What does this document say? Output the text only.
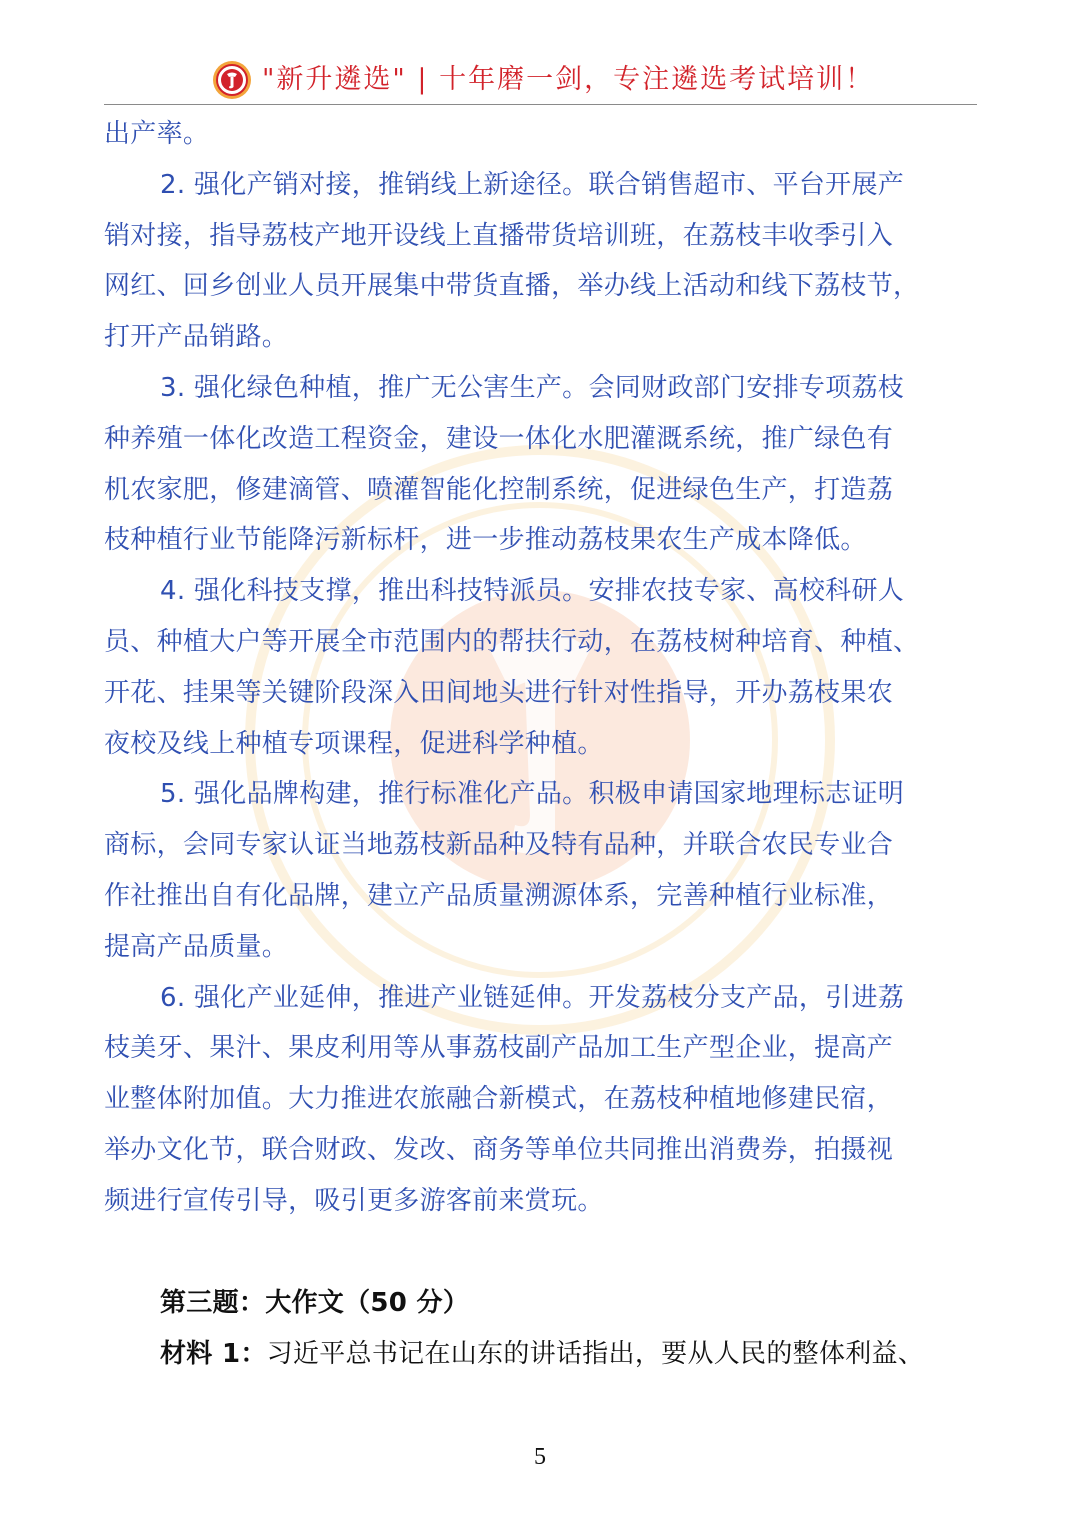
"新升遴选" | 十年磨一剑，专注遴选考试培训！
出产率。
2. 强化产销对接，推销线上新途径。联合销售超市、平台开展产
销对接，指导荔枝产地开设线上直播带货培训班，在荔枝丰收季引入
网红、回乡创业人员开展集中带货直播，举办线上活动和线下荔枝节，
打开产品销路。
3. 强化绿色种植，推广无公害生产。会同财政部门安排专项荔枝
种养殖一体化改造工程资金，建设一体化水肥灌溉系统，推广绿色有
机农家肥，修建滴管、喷灌智能化控制系统，促进绿色生产，打造荔
枝种植行业节能降污新标杆，进一步推动荔枝果农生产成本降低。
4. 强化科技支撑，推出科技特派员。安排农技专家、高校科研人
员、种植大户等开展全市范围内的帮扶行动，在荔枝树种培育、种植、
开花、挂果等关键阶段深入田间地头进行针对性指导，开办荔枝果农
夜校及线上种植专项课程，促进科学种植。
5. 强化品牌构建，推行标准化产品。积极申请国家地理标志证明
商标，会同专家认证当地荔枝新品种及特有品种，并联合农民专业合
作社推出自有化品牌，建立产品质量溯源体系，完善种植行业标准，
提高产品质量。
6. 强化产业延伸，推进产业链延伸。开发荔枝分支产品，引进荔
枝美牙、果汁、果皮利用等从事荔枝副产品加工生产型企业，提高产
业整体附加值。大力推进农旅融合新模式，在荔枝种植地修建民宿，
举办文化节，联合财政、发改、商务等单位共同推出消费券，拍摄视
频进行宣传引导，吸引更多游客前来赏玩。
第三题：大作文（50 分）
材料 1：习近平总书记在山东的讲话指出，要从人民的整体利益、
5
